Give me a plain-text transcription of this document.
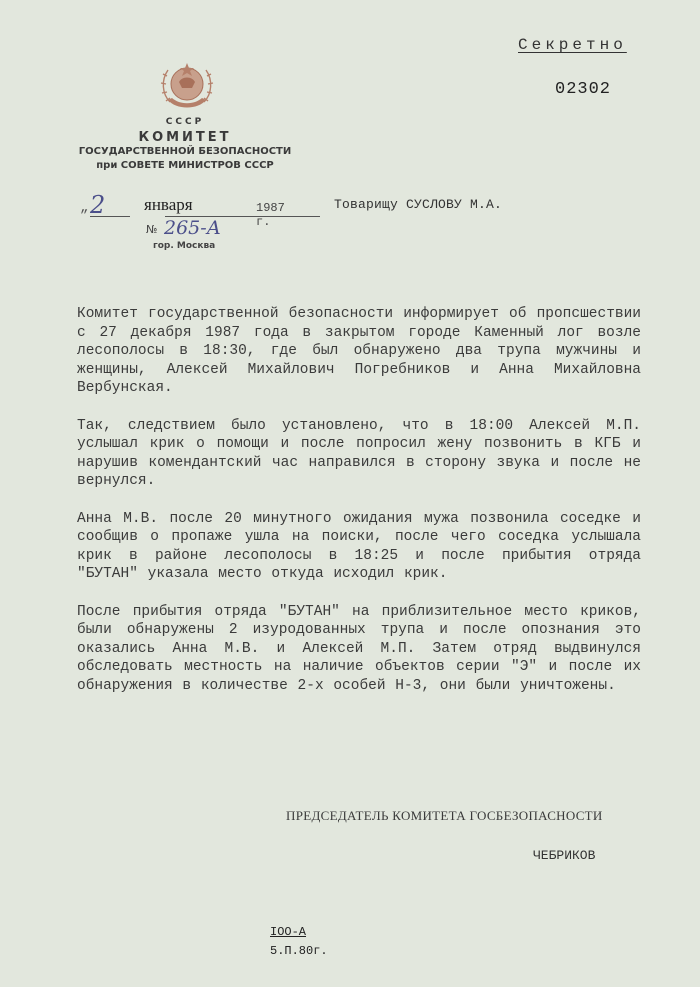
Секретно
02302
СССР
КОМИТЕТ
ГОСУДАРСТВЕННОЙ БЕЗОПАСНОСТИ
при СОВЕТЕ МИНИСТРОВ СССР
„ 2 января	1987 г.
№ 265-А
гор. Москва
Товарищу СУСЛОВУ М.А.

Комитет государственной безопасности информирует об пропсшествии с 27 декабря 1987 года в закрытом городе Каменный лог возле лесополосы в 18:30, где был обнаружено два трупа мужчины и женщины, Алексей Михайлович Погребников и Анна Михайловна Вербунская.

Так, следствием было установлено, что в 18:00 Алексей М.П. услышал крик о помощи и после попросил жену позвонить в КГБ и нарушив комендантский час направился в сторону звука и после не вернулся.

Анна М.В. после 20 минутного ожидания мужа позвонила соседке и сообщив о пропаже ушла на поиски, после чего соседка услышала крик в районе лесополосы в 18:25 и после прибытия отряда "БУТАН" указала место откуда исходил крик.

После прибытия отряда "БУТАН" на приблизительное место криков, были обнаружены 2 изуродованных трупа и после опознания это оказались Анна М.В. и Алексей М.П. Затем отряд выдвинулся обследовать местность на наличие объектов серии "Э" и после их обнаружения в количестве 2-х особей Н-3, они были уничтожены.

ПРЕДСЕДАТЕЛЬ КОМИТЕТА ГОСБЕЗОПАСНОСТИ
ЧЕБРИКОВ
IOO-А
5.П.80г.
